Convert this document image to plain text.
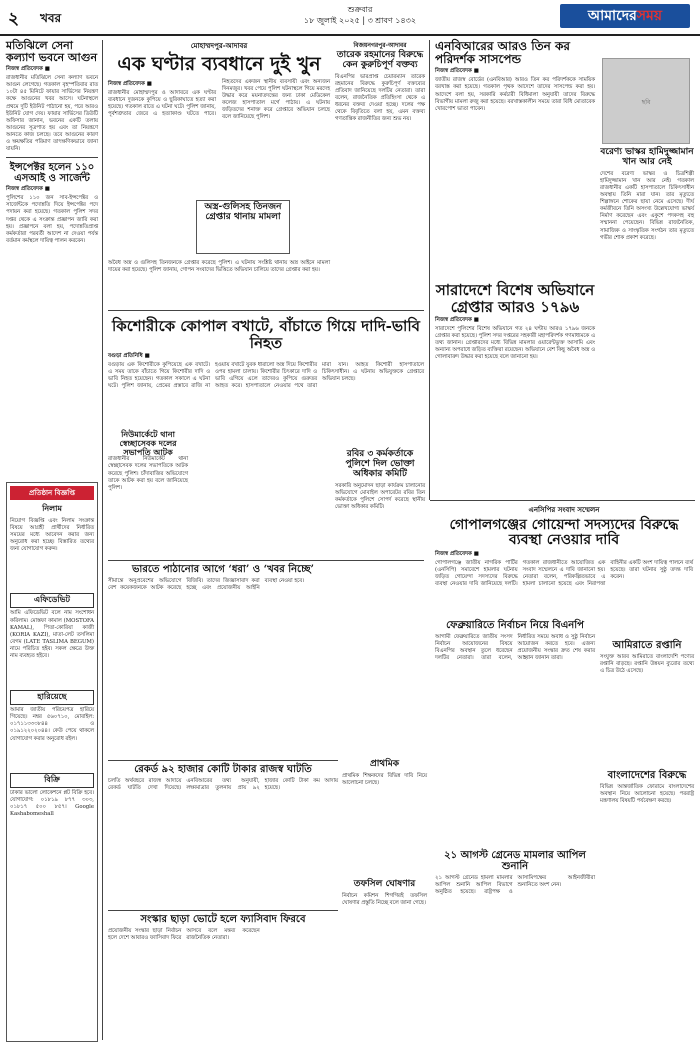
২ খবর
শুক্রবার
১৮ জুলাই ২০২৫ | ৩ শ্রাবণ ১৪৩২	আমাদেরসময়
মতিঝিলে সেনা কল্যাণ ভবনে আগুন
নিজস্ব প্রতিবেদক ■
রাজধানীর মতিঝিলে সেনা কল্যাণ ভবনে আগুন লেগেছে। গতকাল বৃহস্পতিবার রাত ১০টা ৪৫ মিনিটে ফায়ার সার্ভিসের নিয়ন্ত্রণ কক্ষে আগুনের খবর আসে। ঘটনাস্থলে প্রথমে দুটি ইউনিট পাঠানো হয়, পরে আরও ইউনিট যোগ দেয়। ফায়ার সার্ভিসের ডিউটি অফিসার জানান, ভবনের একটি তলায় আগুনের সূত্রপাত হয় এবং তা নিয়ন্ত্রণে আনতে কাজ চলছে। তবে আগুনের কারণ ও ক্ষয়ক্ষতির পরিমাণ তাৎক্ষণিকভাবে জানা যায়নি।
ইন্সপেক্টর হলেন ১১০ এসআই ও সার্জেন্ট
নিজস্ব প্রতিবেদক ■
পুলিশের ১১০ জন সাব-ইন্সপেক্টর ও সার্জেন্টকে পদোন্নতি দিয়ে ইন্সপেক্টর পদে পদায়ন করা হয়েছে। গতকাল পুলিশ সদর দপ্তর থেকে এ সংক্রান্ত প্রজ্ঞাপন জারি করা হয়। প্রজ্ঞাপনে বলা হয়, পদোন্নতিপ্রাপ্ত কর্মকর্তারা পরবর্তী আদেশ না দেওয়া পর্যন্ত বর্তমান কর্মস্থলে দায়িত্ব পালন করবেন।
প্রতিষ্ঠান বিজ্ঞপ্তি
নিলাম
নিয়োগ বিজ্ঞপ্তি এবং নিলাম সংক্রান্ত বিষয়ে আগ্রহী প্রার্থীদের নির্ধারিত সময়ের মধ্যে আবেদন করার জন্য অনুরোধ করা হচ্ছে। বিস্তারিত তথ্যের জন্য যোগাযোগ করুন।
এফিডেভিট
আমি এফিডেভিট বলে নাম সংশোধন করিলাম। মোস্তফা কামাল (MOSTOFA KAMAL), পিতা-কোরিয়া কাজী (KORIA KAZI), মাতা-লেট তসলিমা বেগম (LATE TASLIMA BEGUM) নামে পরিচিত হইব। সকল ক্ষেত্রে উক্ত নাম ব্যবহৃত হইবে।
হারিয়েছে
আমার জাতীয় পরিচয়পত্র হারিয়ে গিয়েছে। নম্বর ৫৬০৭১০, মোবাইল: ০১৭১১৩৩৩৮৪৪ ও ০১৯১২২০২০৪৪। কেউ পেয়ে থাকলে যোগাযোগ করার অনুরোধ রইল।
বিক্রি
ঢাকার ভালো লোকেশনে প্লট বিক্রি হবে। যোগাযোগ: ০১৮১৯ ৮৭৭ ৩০৩, ০১৮১৭ ৫০০ ৮৫৭। Google Kashabomeshall
মোহাম্মদপুর-আদাবর
এক ঘণ্টার ব্যবধানে দুই খুন
নিজস্ব প্রতিবেদক ■
রাজধানীর মোহাম্মদপুর ও আদাবরে এক ঘণ্টার ব্যবধানে দুজনকে কুপিয়ে ও ছুরিকাঘাতে হত্যা করা হয়েছে। গতকাল রাতে এ ঘটনা ঘটে। পুলিশ জানায়, পূর্বশত্রুতার জেরে এ হত্যাকাণ্ড ঘটতে পারে। নিহতদের একজন স্থানীয় ব্যবসায়ী এবং অন্যজন দিনমজুর। খবর পেয়ে পুলিশ ঘটনাস্থলে গিয়ে মরদেহ উদ্ধার করে ময়নাতদন্তের জন্য ঢাকা মেডিকেল কলেজ হাসপাতাল মর্গে পাঠায়। এ ঘটনায় জড়িতদের শনাক্ত করে গ্রেপ্তারে অভিযান চলছে বলে জানিয়েছে পুলিশ।
অস্ত্র-গুলিসহ তিনজন গ্রেপ্তার থানায় মামলা
অবৈধ অস্ত্র ও গুলিসহ তিনজনকে গ্রেপ্তার করেছে পুলিশ। এ ঘটনায় সংশ্লিষ্ট থানায় অস্ত্র আইনে মামলা দায়ের করা হয়েছে। পুলিশ জানায়, গোপন সংবাদের ভিত্তিতে অভিযান চালিয়ে তাদের গ্রেপ্তার করা হয়।
বিজয়নগরপুর-আদাবর
তারেক রহমানের বিরুদ্ধে কেন কুরুচিপূর্ণ বক্তব্য
বিএনপির ভারপ্রাপ্ত চেয়ারম্যান তারেক রহমানের বিরুদ্ধে কুরুচিপূর্ণ বক্তব্যের প্রতিবাদ জানিয়েছে দলটির নেতারা। তারা বলেন, রাজনৈতিক প্রতিহিংসা থেকে এ ধরনের বক্তব্য দেওয়া হচ্ছে। দলের পক্ষ থেকে বিবৃতিতে বলা হয়, এমন বক্তব্য গণতান্ত্রিক রাজনীতির জন্য শুভ নয়।
এনবিআরের আরও তিন কর পরিদর্শক সাসপেন্ড
নিজস্ব প্রতিবেদক ■
জাতীয় রাজস্ব বোর্ডের (এনবিআর) আরও তিন কর পরিদর্শককে সাময়িক বরখাস্ত করা হয়েছে। গতকাল পৃথক আদেশে তাদের সাসপেন্ড করা হয়। আদেশে বলা হয়, সরকারি কর্মচারী বিধিমালা অনুযায়ী তাদের বিরুদ্ধে বিভাগীয় মামলা রুজু করা হয়েছে। বরখাস্তকালীন সময়ে তারা বিধি মোতাবেক খোরপোশ ভাতা পাবেন।
ছবি
বরেণ্য ভাস্কর হামিদুজ্জামান খান আর নেই
দেশের বরেণ্য ভাস্কর ও চিত্রশিল্পী হামিদুজ্জামান খান আর নেই। গতকাল রাজধানীর একটি হাসপাতালে চিকিৎসাধীন অবস্থায় তিনি মারা যান। তার মৃত্যুতে শিল্পাঙ্গনে শোকের ছায়া নেমে এসেছে। দীর্ঘ কর্মজীবনে তিনি অসংখ্য উল্লেখযোগ্য ভাস্কর্য নির্মাণ করেছেন এবং একুশে পদকসহ বহু সম্মাননা পেয়েছেন। বিভিন্ন রাজনৈতিক, সামাজিক ও সাংস্কৃতিক সংগঠন তার মৃত্যুতে গভীর শোক প্রকাশ করেছে।
সারাদেশে বিশেষ অভিযানে গ্রেপ্তার আরও ১৭৯৬
নিজস্ব প্রতিবেদক ■
সারাদেশে পুলিশের বিশেষ অভিযানে গত ২৪ ঘণ্টায় আরও ১৭৯৬ জনকে গ্রেপ্তার করা হয়েছে। পুলিশ সদর দপ্তরের সহকারী মহাপরিদর্শক গণমাধ্যমকে এ তথ্য জানান। গ্রেপ্তারদের মধ্যে বিভিন্ন মামলার ওয়ারেন্টভুক্ত আসামি এবং অন্যান্য অপরাধে জড়িত ব্যক্তিরা রয়েছেন। অভিযানে বেশ কিছু অবৈধ অস্ত্র ও গোলাবারুদ উদ্ধার করা হয়েছে বলে জানানো হয়।
কিশোরীকে কোপাল বখাটে, বাঁচাতে গিয়ে দাদি-ভাবি নিহত
বগুড়া প্রতিনিধি ■
বগুড়ায় এক কিশোরীকে কুপিয়েছে এক বখাটে। এ সময় তাকে বাঁচাতে গিয়ে কিশোরীর দাদি ও ভাবি নিহত হয়েছেন। গতকাল সকালে এ ঘটনা ঘটে। পুলিশ জানায়, প্রেমের প্রস্তাবে রাজি না হওয়ায় বখাটে যুবক ধারালো অস্ত্র দিয়ে কিশোরীর ওপর হামলা চালায়। কিশোরীর চিৎকারে দাদি ও ভাবি এগিয়ে এলে তাদেরও কুপিয়ে গুরুতর আহত করে। হাসপাতালে নেওয়ার পথে তারা মারা যান। আহত কিশোরী হাসপাতালে চিকিৎসাধীন। এ ঘটনায় অভিযুক্তকে গ্রেপ্তারে অভিযান চলছে।
নিউমার্কেটে থানা স্বেচ্ছাসেবক দলের সভাপতি আটক
রাজধানীর নিউমার্কেট থানা স্বেচ্ছাসেবক দলের সভাপতিকে আটক করেছে পুলিশ। চাঁদাবাজির অভিযোগে তাকে আটক করা হয় বলে জানিয়েছে পুলিশ।
রবির ৩ কর্মকর্তাকে পুলিশে দিল ভোক্তা অধিকার কমিটি
সরকারি অনুমোদন ছাড়া কার্যক্রম চালানোর অভিযোগে মোবাইল অপারেটর রবির তিন কর্মকর্তাকে পুলিশে সোপর্দ করেছে স্থানীয় ভোক্তা অধিকার কমিটি।	এনসিপির সংবাদ সম্মেলন
গোপালগঞ্জের গোয়েন্দা সদস্যদের বিরুদ্ধে ব্যবস্থা নেওয়ার দাবি
নিজস্ব প্রতিবেদক ■
গোপালগঞ্জে জাতীয় নাগরিক পার্টির (এনসিপি) সমাবেশে হামলার ঘটনায় জড়িত গোয়েন্দা সদস্যদের বিরুদ্ধে ব্যবস্থা নেওয়ার দাবি জানিয়েছে দলটি। গতকাল রাজধানীতে আয়োজিত এক সংবাদ সম্মেলনে এ দাবি জানানো হয়। নেতারা বলেন, পরিকল্পিতভাবে এ হামলা চালানো হয়েছে এবং নিরাপত্তা বাহিনীর একটি অংশ দায়িত্ব পালনে ব্যর্থ হয়েছে। তারা ঘটনার সুষ্ঠু তদন্ত দাবি করেন।
ভারতে পাঠানোর আগে ‘ধরা’ ও ‘খবর নিচ্ছে’
সীমান্তে অনুপ্রবেশের অভিযোগে বেশ কয়েকজনকে আটক করেছে বিজিবি। তাদের জিজ্ঞাসাবাদ করা হচ্ছে এবং প্রয়োজনীয় আইনি ব্যবস্থা নেওয়া হবে।
ফেব্রুয়ারিতে নির্বাচন নিয়ে বিএনপি
আগামী ফেব্রুয়ারিতে জাতীয় সংসদ নির্বাচন আয়োজনের বিষয়ে বিএনপির অবস্থান তুলে ধরেছেন দলটির নেতারা। তারা বলেন, নির্ধারিত সময়ে অবাধ ও সুষ্ঠু নির্বাচন আয়োজন করতে হবে। এজন্য প্রয়োজনীয় সংস্কার দ্রুত শেষ করার আহ্বান জানান তারা।
আমিরাতে রপ্তানি
সংযুক্ত আরব আমিরাতে বাংলাদেশি পণ্যের রপ্তানি বাড়ছে। রপ্তানি উন্নয়ন ব্যুরোর তথ্যে এ চিত্র উঠে এসেছে।
রেকর্ড ৯২ হাজার কোটি টাকার রাজস্ব ঘাটতি
চলতি অর্থবছরে রাজস্ব আদায়ে রেকর্ড ঘাটতি দেখা দিয়েছে। এনবিআরের তথ্য অনুযায়ী, লক্ষ্যমাত্রার তুলনায় প্রায় ৯২ হাজার কোটি টাকা কম আদায় হয়েছে।
প্রাথমিক
প্রাথমিক শিক্ষকদের বিভিন্ন দাবি নিয়ে আলোচনা চলছে।
বাংলাদেশের বিরুদ্ধে
বিভিন্ন আন্তর্জাতিক ফোরামে বাংলাদেশের অবস্থান নিয়ে আলোচনা হয়েছে। পররাষ্ট্র মন্ত্রণালয় বিষয়টি পর্যবেক্ষণ করছে।
তফসিল ঘোষণার
নির্বাচন কমিশন শিগগিরই তফসিল ঘোষণার প্রস্তুতি নিচ্ছে বলে জানা গেছে।
২১ আগস্ট গ্রেনেড মামলার আপিল শুনানি
২১ আগস্ট গ্রেনেড হামলা মামলার আপিল শুনানি আপিল বিভাগে অনুষ্ঠিত হয়েছে। রাষ্ট্রপক্ষ ও আসামিপক্ষের আইনজীবীরা শুনানিতে অংশ নেন।
সংস্কার ছাড়া ভোটে হলে ফ্যাসিবাদ ফিরবে
প্রয়োজনীয় সংস্কার ছাড়া নির্বাচন হলে দেশে আবারও ফ্যাসিবাদ ফিরে আসবে বলে মন্তব্য করেছেন রাজনৈতিক নেতারা।
